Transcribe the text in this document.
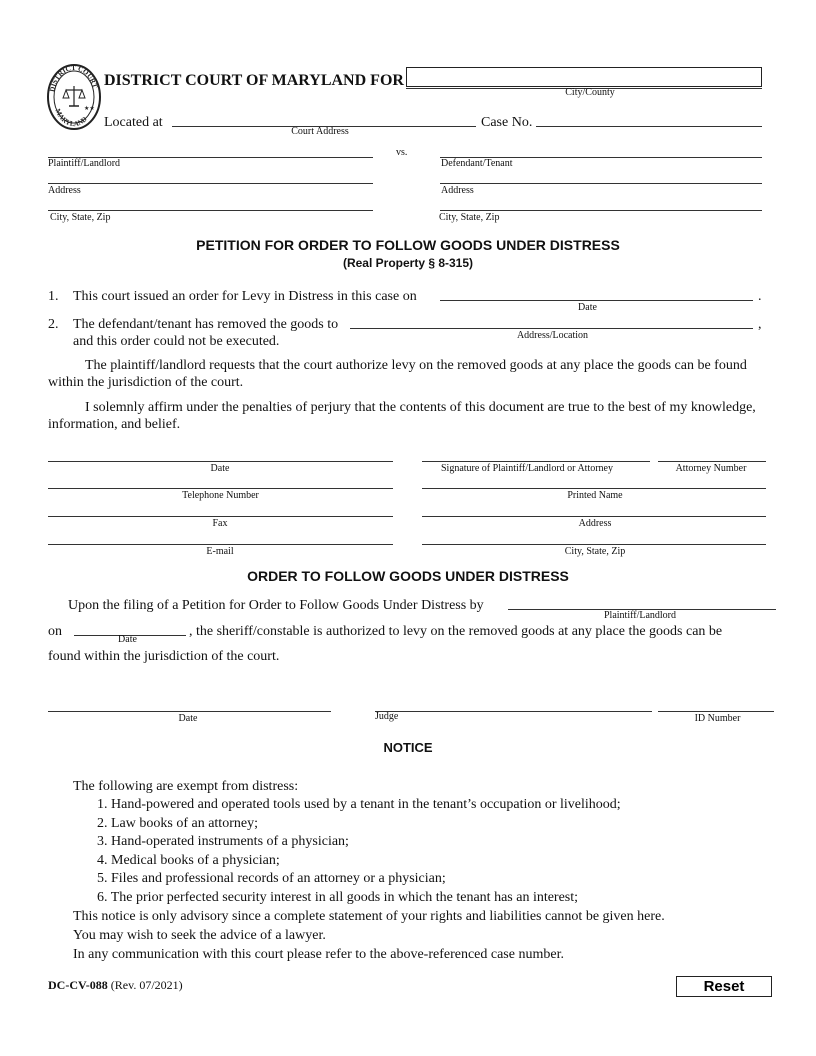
DISTRICT COURT
MARYLAND
★★
DISTRICT COURT OF MARYLAND FOR
City/County
Located at
Court Address
Case No.
Plaintiff/Landlord
vs.
Defendant/Tenant
Address	Address
City, State, Zip	City, State, Zip
PETITION FOR ORDER TO FOLLOW GOODS UNDER DISTRESS
(Real Property § 8-315)
1. This court issued an order for Levy in Distress in this case on	.
Date
2. The defendant/tenant has removed the goods to	,
and this order could not be executed.	Address/Location
The plaintiff/landlord requests that the court authorize levy on the removed goods at any place the goods can be found within the jurisdiction of the court.
I solemnly affirm under the penalties of perjury that the contents of this document are true to the best of my knowledge, information, and belief.
Date	Signature of Plaintiff/Landlord or Attorney	Attorney Number
Telephone Number	Printed Name
Fax	Address
E-mail	City, State, Zip
ORDER TO FOLLOW GOODS UNDER DISTRESS
Upon the filing of a Petition for Order to Follow Goods Under Distress by
Plaintiff/Landlord
on
Date
, the sheriff/constable is authorized to levy on the removed goods at any place the goods can be
found within the jurisdiction of the court.
Date	Judge	ID Number
NOTICE
The following are exempt from distress:
1. Hand-powered and operated tools used by a tenant in the tenant’s occupation or livelihood;
2. Law books of an attorney;
3. Hand-operated instruments of a physician;
4. Medical books of a physician;
5. Files and professional records of an attorney or a physician;
6. The prior perfected security interest in all goods in which the tenant has an interest;
This notice is only advisory since a complete statement of your rights and liabilities cannot be given here.
You may wish to seek the advice of a lawyer.
In any communication with this court please refer to the above-referenced case number.
DC-CV-088 (Rev. 07/2021)	Reset
